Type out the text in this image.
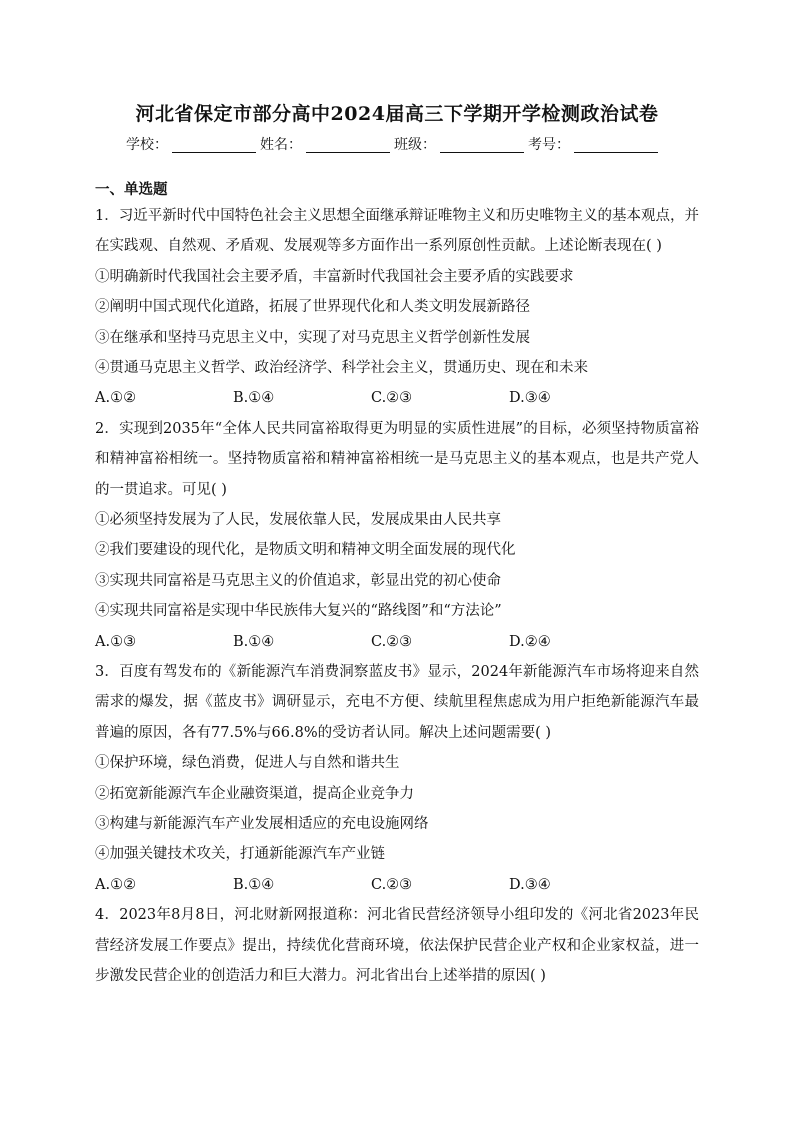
河北省保定市部分高中2024届高三下学期开学检测政治试卷
学校：	姓名：	班级：	考号：
一、单选题
1．习近平新时代中国特色社会主义思想全面继承辩证唯物主义和历史唯物主义的基本观点，并在实践观、自然观、矛盾观、发展观等多方面作出一系列原创性贡献。上述论断表现在( )
①明确新时代我国社会主要矛盾，丰富新时代我国社会主要矛盾的实践要求
②阐明中国式现代化道路，拓展了世界现代化和人类文明发展新路径
③在继承和坚持马克思主义中，实现了对马克思主义哲学创新性发展
④贯通马克思主义哲学、政治经济学、科学社会主义，贯通历史、现在和未来
A.①②	B.①④	C.②③	D.③④
2．实现到2035年“全体人民共同富裕取得更为明显的实质性进展”的目标，必须坚持物质富裕和精神富裕相统一。坚持物质富裕和精神富裕相统一是马克思主义的基本观点，也是共产党人的一贯追求。可见( )
①必须坚持发展为了人民，发展依靠人民，发展成果由人民共享
②我们要建设的现代化，是物质文明和精神文明全面发展的现代化
③实现共同富裕是马克思主义的价值追求，彰显出党的初心使命
④实现共同富裕是实现中华民族伟大复兴的“路线图”和“方法论”
A.①③	B.①④	C.②③	D.②④
3．百度有驾发布的《新能源汽车消费洞察蓝皮书》显示，2024年新能源汽车市场将迎来自然需求的爆发，据《蓝皮书》调研显示，充电不方便、续航里程焦虑成为用户拒绝新能源汽车最普遍的原因，各有77.5%与66.8%的受访者认同。解决上述问题需要( )
①保护环境，绿色消费，促进人与自然和谐共生
②拓宽新能源汽车企业融资渠道，提高企业竞争力
③构建与新能源汽车产业发展相适应的充电设施网络
④加强关键技术攻关，打通新能源汽车产业链
A.①②	B.①④	C.②③	D.③④
4．2023年8月8日，河北财新网报道称：河北省民营经济领导小组印发的《河北省2023年民营经济发展工作要点》提出，持续优化营商环境，依法保护民营企业产权和企业家权益，进一步激发民营企业的创造活力和巨大潜力。河北省出台上述举措的原因( )
